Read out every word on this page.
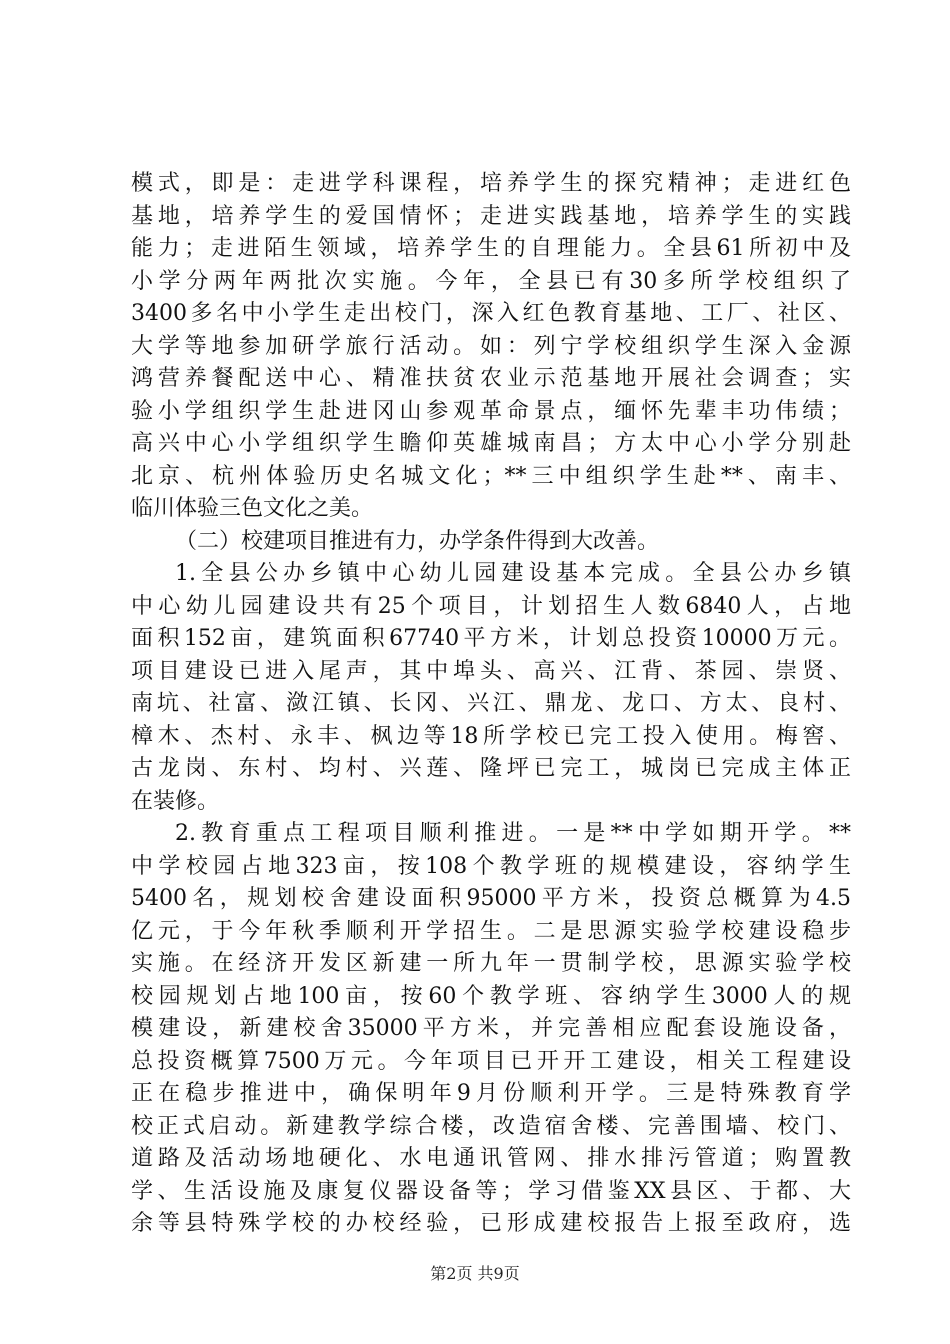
模式，即是：走进学科课程，培养学生的探究精神；走进红色
基地，培养学生的爱国情怀；走进实践基地，培养学生的实践
能力；走进陌生领域，培养学生的自理能力。全县61所初中及
小学分两年两批次实施。今年，全县已有30多所学校组织了
3400多名中小学生走出校门，深入红色教育基地、工厂、社区、
大学等地参加研学旅行活动。如：列宁学校组织学生深入金源
鸿营养餐配送中心、精准扶贫农业示范基地开展社会调查；实
验小学组织学生赴进冈山参观革命景点，缅怀先辈丰功伟绩；
高兴中心小学组织学生瞻仰英雄城南昌；方太中心小学分别赴
北京、杭州体验历史名城文化；**三中组织学生赴**、南丰、
临川体验三色文化之美。
（二）校建项目推进有力，办学条件得到大改善。
1.全县公办乡镇中心幼儿园建设基本完成。全县公办乡镇
中心幼儿园建设共有25个项目，计划招生人数6840人，占地
面积152亩，建筑面积67740平方米，计划总投资10000万元。
项目建设已进入尾声，其中埠头、高兴、江背、茶园、崇贤、
南坑、社富、潋江镇、长冈、兴江、鼎龙、龙口、方太、良村、
樟木、杰村、永丰、枫边等18所学校已完工投入使用。梅窖、
古龙岗、东村、均村、兴莲、隆坪已完工，城岗已完成主体正
在装修。
2.教育重点工程项目顺利推进。一是**中学如期开学。**
中学校园占地323亩，按108个教学班的规模建设，容纳学生
5400名，规划校舍建设面积95000平方米，投资总概算为4.5
亿元，于今年秋季顺利开学招生。二是思源实验学校建设稳步
实施。在经济开发区新建一所九年一贯制学校，思源实验学校
校园规划占地100亩，按60个教学班、容纳学生3000人的规
模建设，新建校舍35000平方米，并完善相应配套设施设备，
总投资概算7500万元。今年项目已开开工建设，相关工程建设
正在稳步推进中，确保明年9月份顺利开学。三是特殊教育学
校正式启动。新建教学综合楼，改造宿舍楼、完善围墙、校门、
道路及活动场地硬化、水电通讯管网、排水排污管道；购置教
学、生活设施及康复仪器设备等；学习借鉴XX县区、于都、大
余等县特殊学校的办校经验，已形成建校报告上报至政府，选
第2页 共9页
